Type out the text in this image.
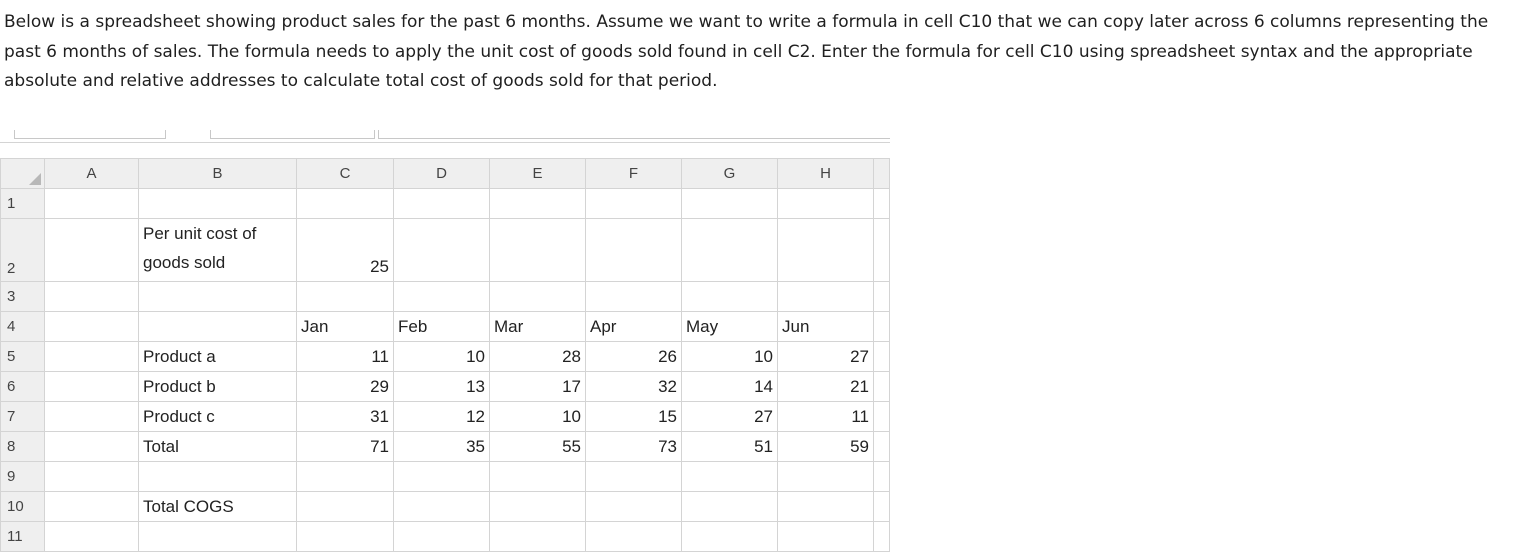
Below is a spreadsheet showing product sales for the past 6 months. Assume we want to write a formula in cell C10 that we can copy later across 6 columns representing the past 6 months of sales. The formula needs to apply the unit cost of goods sold found in cell C2. Enter the formula for cell C10 using spreadsheet syntax and the appropriate absolute and relative addresses to calculate total cost of goods sold for that period.

	A	B	C	D	E	F	G	H	
1									
2		Per unit cost of goods sold	25						
3									
4			Jan	Feb	Mar	Apr	May	Jun	
5		Product a	11	10	28	26	10	27	
6		Product b	29	13	17	32	14	21	
7		Product c	31	12	10	15	27	11	
8		Total	71	35	55	73	51	59	
9									
10		Total COGS							
11									
